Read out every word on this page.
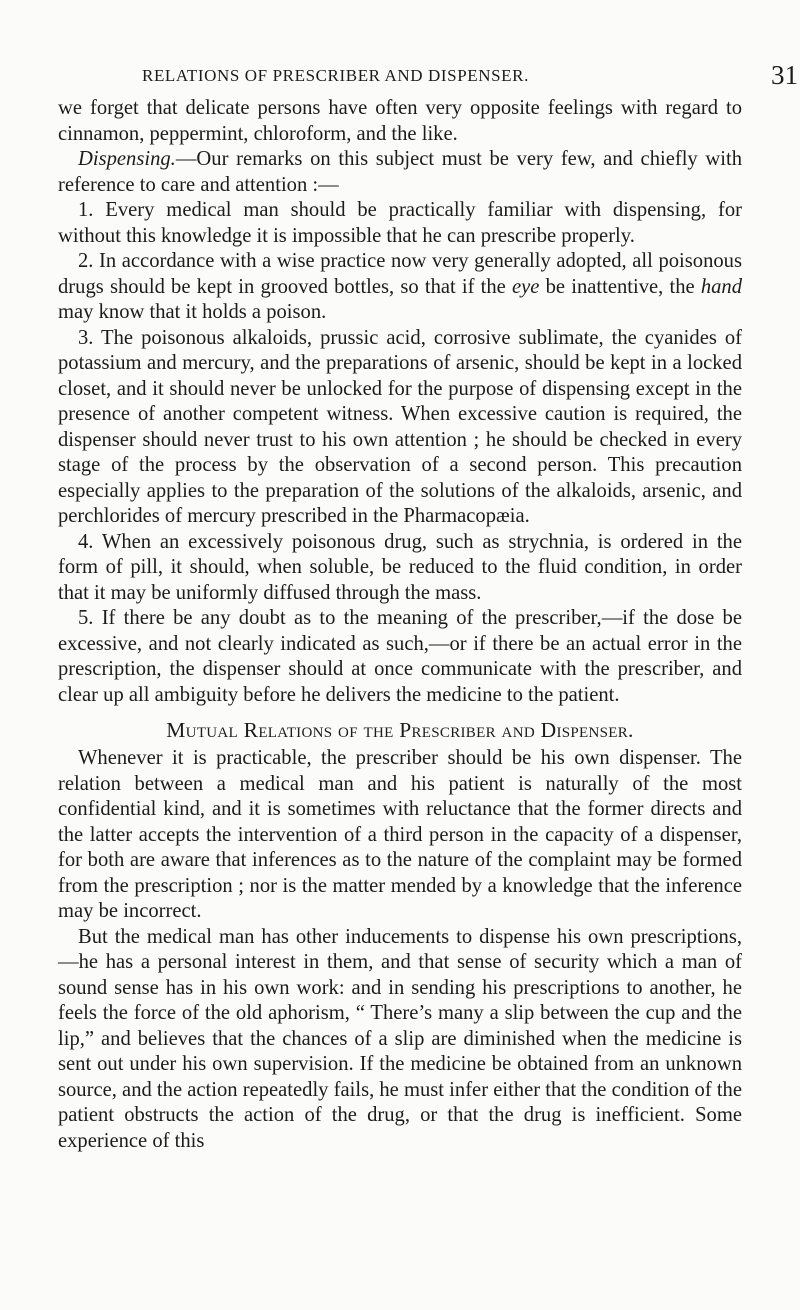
RELATIONS OF PRESCRIBER AND DISPENSER.	31

we forget that delicate persons have often very opposite feelings with regard to cinnamon, peppermint, chloroform, and the like.

Dispensing.—Our remarks on this subject must be very few, and chiefly with reference to care and attention :—

1. Every medical man should be practically familiar with dispensing, for without this knowledge it is impossible that he can prescribe properly.

2. In accordance with a wise practice now very generally adopted, all poisonous drugs should be kept in grooved bottles, so that if the eye be inattentive, the hand may know that it holds a poison.

3. The poisonous alkaloids, prussic acid, corrosive sublimate, the cyanides of potassium and mercury, and the preparations of arsenic, should be kept in a locked closet, and it should never be unlocked for the purpose of dispensing except in the presence of another competent witness. When excessive caution is required, the dispenser should never trust to his own attention ; he should be checked in every stage of the process by the observation of a second person. This precaution especially applies to the preparation of the solutions of the alkaloids, arsenic, and perchlorides of mercury prescribed in the Pharmacopæia.

4. When an excessively poisonous drug, such as strychnia, is ordered in the form of pill, it should, when soluble, be reduced to the fluid condition, in order that it may be uniformly diffused through the mass.

5. If there be any doubt as to the meaning of the prescriber,—if the dose be excessive, and not clearly indicated as such,—or if there be an actual error in the prescription, the dispenser should at once communicate with the prescriber, and clear up all ambiguity before he delivers the medicine to the patient.

Mutual Relations of the Prescriber and Dispenser.

Whenever it is practicable, the prescriber should be his own dispenser. The relation between a medical man and his patient is naturally of the most confidential kind, and it is sometimes with reluctance that the former directs and the latter accepts the intervention of a third person in the capacity of a dispenser, for both are aware that inferences as to the nature of the complaint may be formed from the prescription ; nor is the matter mended by a knowledge that the inference may be incorrect.

But the medical man has other inducements to dispense his own prescriptions,—he has a personal interest in them, and that sense of security which a man of sound sense has in his own work: and in sending his prescriptions to another, he feels the force of the old aphorism, “ There’s many a slip between the cup and the lip,” and believes that the chances of a slip are diminished when the medicine is sent out under his own supervision. If the medicine be obtained from an unknown source, and the action repeatedly fails, he must infer either that the condition of the patient obstructs the action of the drug, or that the drug is inefficient. Some experience of this
